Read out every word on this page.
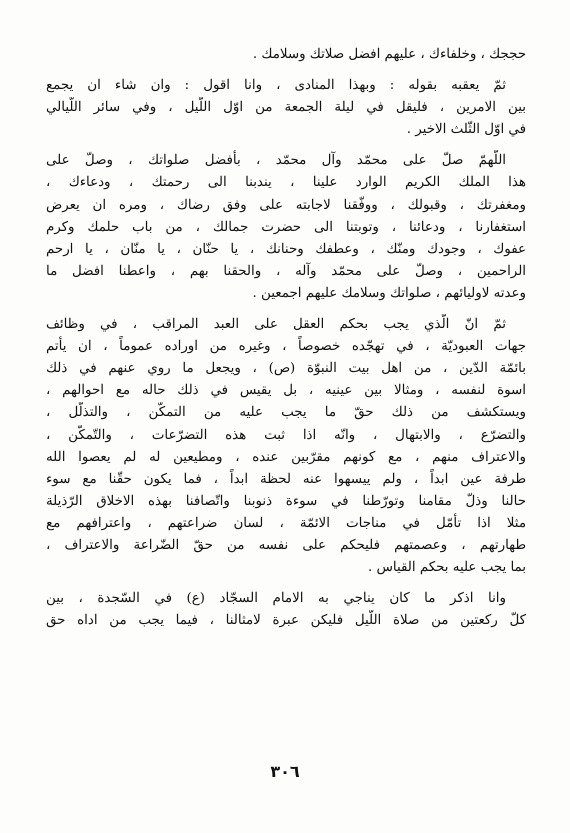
حججك ، وخلفاءك ، عليهم افضل صلاتك وسلامك .
ثمّ يعقبه بقوله : وبهذا المنادى ، وانا اقول : وان شاء ان يجمع
بين الامرين ، فليقل في ليلة الجمعة من اوّل اللّيل ، وفي سائر اللّيالي
في اوّل الثّلث الاخير .
اللّهمّ صلّ على محمّد وآل محمّد ، بأفضل صلواتك ، وصلّ على
هذا الملك الكريم الوارد علينا ، يندبنا الى رحمتك ، ودعاءك ،
ومغفرتك ، وقبولك ، ووفّقنا لاجابته على وفق رضاك ، ومره ان يعرض
استغفارنا ، ودعائنا ، وتوبتنا الى حضرت جمالك ، من باب حلمك وكرم
عفوك ، وجودك ومنّك ، وعطفك وحنانك ، يا حنّان ، يا منّان ، يا ارحم
الراحمين ، وصلّ على محمّد وآله ، والحقنا بهم ، واعطنا افضل ما
وعدته لاوليائهم ، صلواتك وسلامك عليهم اجمعين .
ثمّ انّ الّذي يجب بحكم العقل على العبد المراقب ، في وظائف
جهات العبوديّة ، في تهجّده خصوصاً ، وغيره من اوراده عموماً ، ان يأتم
بائمّة الدّين ، من اهل بيت النبوّة (ص) ، ويجعل ما روي عنهم في ذلك
اسوة لنفسه ، ومثالا بين عينيه ، بل يقيس في ذلك حاله مع احوالهم ،
ويستكشف من ذلك حقّ ما يجب عليه من التمكّن ، والتذلّل ،
والتضرّع ، والابتهال ، وانّه اذا ثبت هذه التضرّعات ، والتّمكّن ،
والاعتراف منهم ، مع كونهم مقرّبين عنده ، ومطيعين له لم يعصوا الله
طرفة عين ابداً ، ولم ييسهوا عنه لحظة ابداً ، فما يكون حقّنا مع سوء
حالنا وذلّ مقامنا وتورّطنا في سوءة ذنوبنا واتّصافنا بهذه الاخلاق الرّذيلة
مثلا اذا تأمّل في مناجات الائمّة ، لسان ضراعتهم ، واعترافهم مع
طهارتهم ، وعصمتهم فليحكم على نفسه من حقّ الضّراعة والاعتراف ،
بما يجب عليه بحكم القياس .
وانا اذكر ما كان يناجي به الامام السجّاد (ع) في السّجدة ، بين
كلّ ركعتين من صلاة اللّيل فليكن عبرة لامثالنا ، فيما يجب من اداه حق
٣٠٦
